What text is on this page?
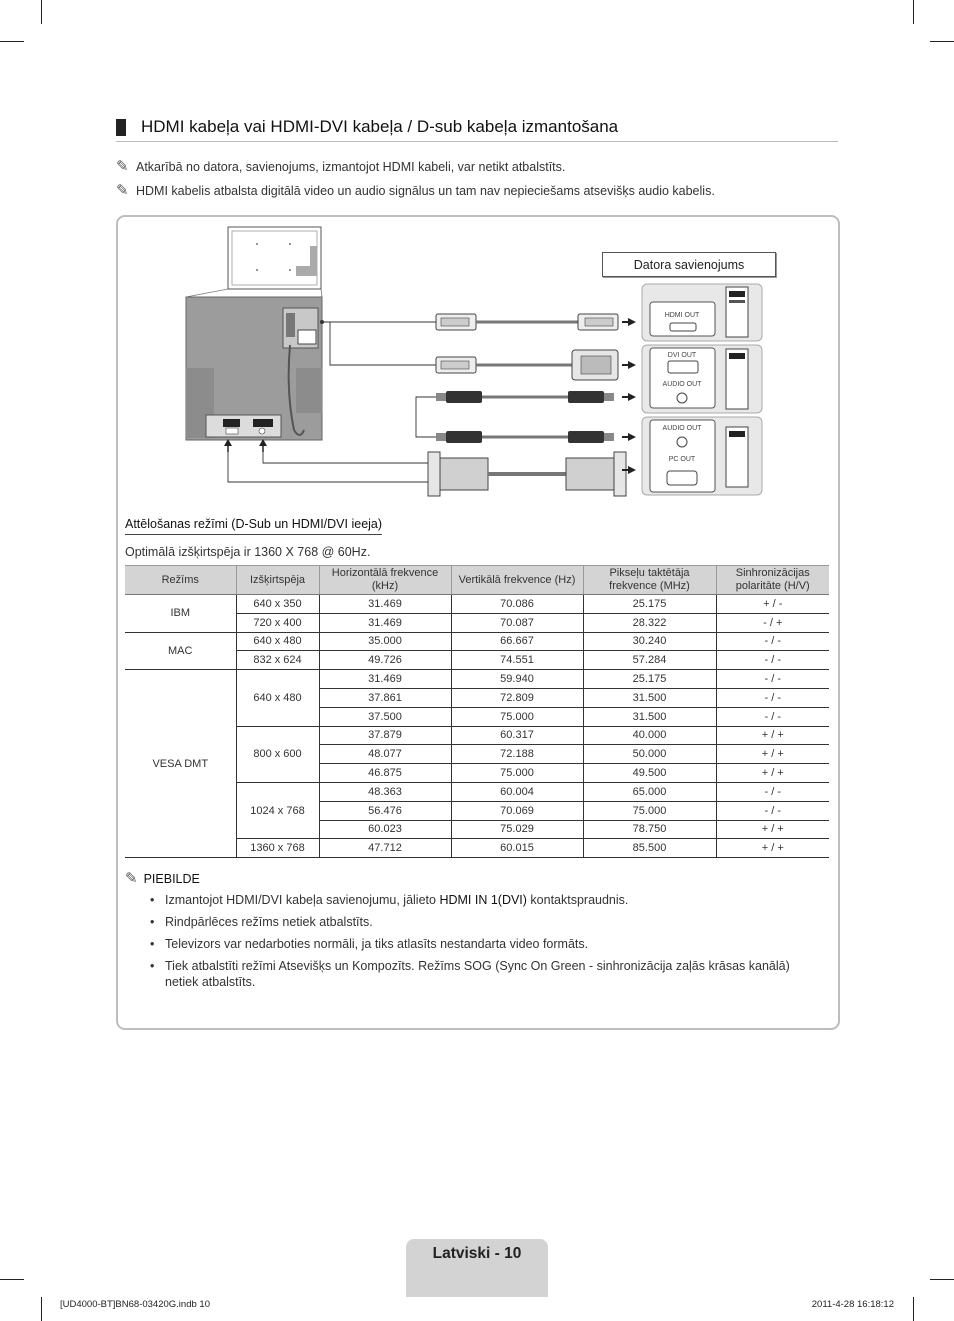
HDMI kabeļa vai HDMI-DVI kabeļa / D-sub kabeļa izmantošana
✎ Atkarībā no datora, savienojums, izmantojot HDMI kabeli, var netikt atbalstīts.
✎ HDMI kabelis atbalsta digitālā video un audio signālus un tam nav nepieciešams atsevišķs audio kabelis.
HDMI OUT
DVI OUT
AUDIO OUT
AUDIO OUT
PC OUT
Datora savienojums
Attēlošanas režīmi (D-Sub un HDMI/DVI ieeja)
Optimālā izšķirtspēja ir 1360 X 768 @ 60Hz.
Režīms	Izšķirtspēja	Horizontālā frekvence (kHz)	Vertikālā frekvence (Hz)	Pikseļu taktētāja frekvence (MHz)	Sinhronizācijas polaritāte (H/V)
IBM	640 x 350	31.469	70.086	25.175	+ / -
	720 x 400	31.469	70.087	28.322	- / +
MAC	640 x 480	35.000	66.667	30.240	- / -
	832 x 624	49.726	74.551	57.284	- / -
VESA DMT	640 x 480	31.469	59.940	25.175	- / -
		37.861	72.809	31.500	- / -
		37.500	75.000	31.500	- / -
	800 x 600	37.879	60.317	40.000	+ / +
		48.077	72.188	50.000	+ / +
		46.875	75.000	49.500	+ / +
	1024 x 768	48.363	60.004	65.000	- / -
		56.476	70.069	75.000	- / -
		60.023	75.029	78.750	+ / +
	1360 x 768	47.712	60.015	85.500	+ / +
✎ PIEBILDE
• Izmantojot HDMI/DVI kabeļa savienojumu, jālieto HDMI IN 1(DVI) kontaktspraudnis.
• Rindpārlēces režīms netiek atbalstīts.
• Televizors var nedarboties normāli, ja tiks atlasīts nestandarta video formāts.
• Tiek atbalstīti režīmi Atsevišķs un Kompozīts. Režīms SOG (Sync On Green - sinhronizācija zaļās krāsas kanālā) netiek atbalstīts.
Latviski - 10
[UD4000-BT]BN68-03420G.indb 10	2011-4-28 16:18:12
